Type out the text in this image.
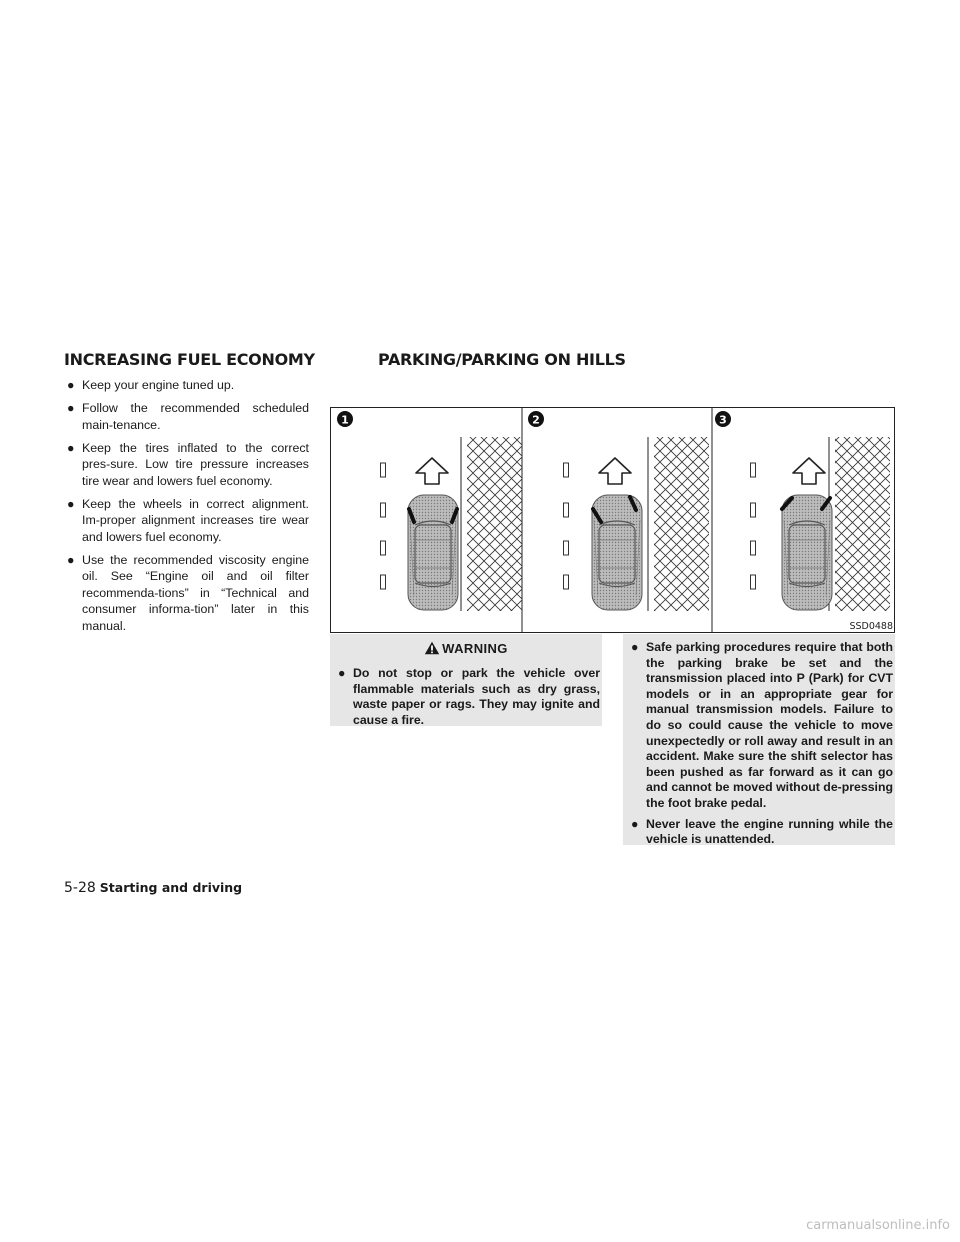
INCREASING FUEL ECONOMY	PARKING/PARKING ON HILLS
● Keep your engine tuned up.
● Follow the recommended scheduled main-tenance.
● Keep the tires inflated to the correct pres-sure. Low tire pressure increases tire wear and lowers fuel economy.
● Keep the wheels in correct alignment. Im-proper alignment increases tire wear and lowers fuel economy.
● Use the recommended viscosity engine oil. See “Engine oil and oil filter recommenda-tions” in “Technical and consumer informa-tion” later in this manual.
1	2	3
SSD0488
WARNING
● Do not stop or park the vehicle over flammable materials such as dry grass, waste paper or rags. They may ignite and cause a fire.
● Safe parking procedures require that both the parking brake be set and the transmission placed into P (Park) for CVT models or in an appropriate gear for manual transmission models. Failure to do so could cause the vehicle to move unexpectedly or roll away and result in an accident. Make sure the shift selector has been pushed as far forward as it can go and cannot be moved without de-pressing the foot brake pedal.
● Never leave the engine running while the vehicle is unattended.
5-28 Starting and driving
carmanualsonline.info
